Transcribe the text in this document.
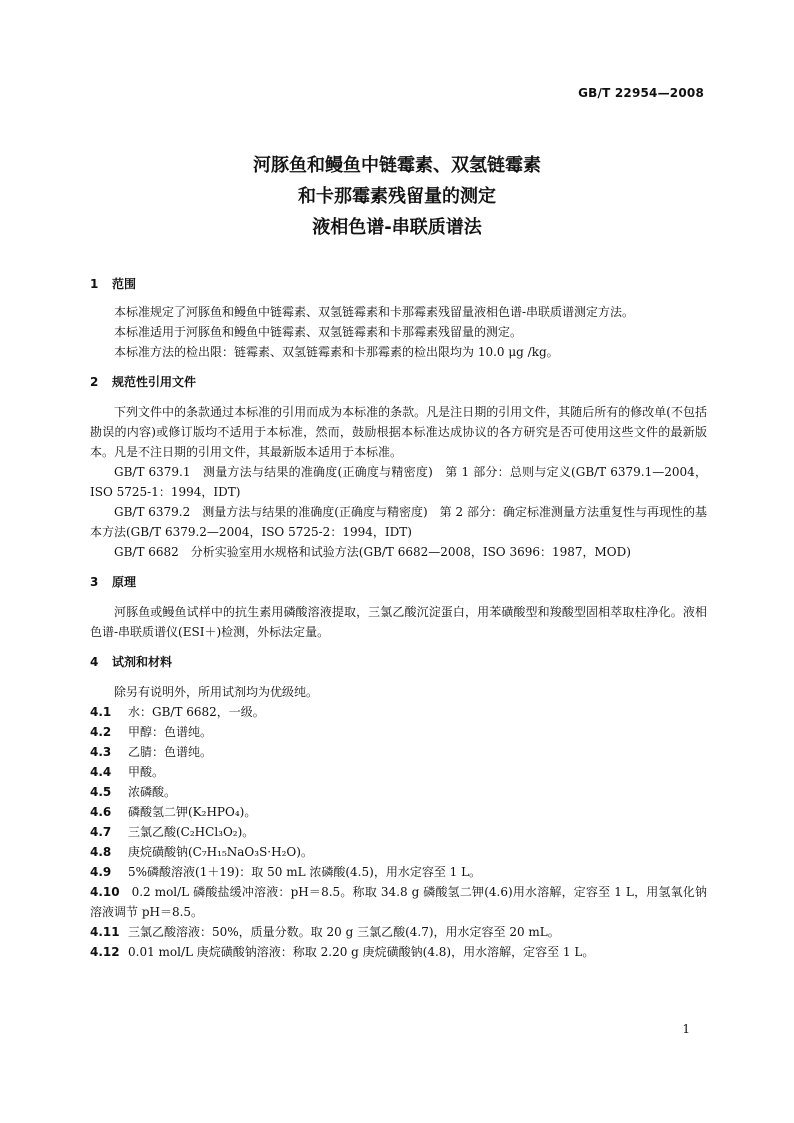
GB/T 22954—2008
河豚鱼和鳗鱼中链霉素、双氢链霉素
和卡那霉素残留量的测定
液相色谱-串联质谱法
1 范围

本标准规定了河豚鱼和鳗鱼中链霉素、双氢链霉素和卡那霉素残留量液相色谱-串联质谱测定方法。

本标准适用于河豚鱼和鳗鱼中链霉素、双氢链霉素和卡那霉素残留量的测定。

本标准方法的检出限：链霉素、双氢链霉素和卡那霉素的检出限均为 10.0 μg /kg。

2 规范性引用文件

下列文件中的条款通过本标准的引用而成为本标准的条款。凡是注日期的引用文件，其随后所有的修改单(不包括勘误的内容)或修订版均不适用于本标准，然而，鼓励根据本标准达成协议的各方研究是否可使用这些文件的最新版本。凡是不注日期的引用文件，其最新版本适用于本标准。

GB/T 6379.1　测量方法与结果的准确度(正确度与精密度)　第 1 部分：总则与定义(GB/T 6379.1—2004，ISO 5725-1：1994，IDT)

GB/T 6379.2　测量方法与结果的准确度(正确度与精密度)　第 2 部分：确定标准测量方法重复性与再现性的基本方法(GB/T 6379.2—2004，ISO 5725-2：1994，IDT)

GB/T 6682　分析实验室用水规格和试验方法(GB/T 6682—2008，ISO 3696：1987，MOD)

3 原理

河豚鱼或鳗鱼试样中的抗生素用磷酸溶液提取，三氯乙酸沉淀蛋白，用苯磺酸型和羧酸型固相萃取柱净化。液相色谱-串联质谱仪(ESI＋)检测，外标法定量。

4 试剂和材料

除另有说明外，所用试剂均为优级纯。

4.1 水：GB/T 6682，一级。
4.2 甲醇：色谱纯。
4.3 乙腈：色谱纯。
4.4 甲酸。
4.5 浓磷酸。
4.6 磷酸氢二钾(K₂HPO₄)。
4.7 三氯乙酸(C₂HCl₃O₂)。
4.8 庚烷磺酸钠(C₇H₁₅NaO₃S·H₂O)。
4.9 5%磷酸溶液(1＋19)：取 50 mL 浓磷酸(4.5)，用水定容至 1 L。
4.10 0.2 mol/L 磷酸盐缓冲溶液：pH＝8.5。称取 34.8 g 磷酸氢二钾(4.6)用水溶解，定容至 1 L，用氢氧化钠溶液调节 pH＝8.5。
4.11 三氯乙酸溶液：50%，质量分数。取 20 g 三氯乙酸(4.7)，用水定容至 20 mL。
4.12 0.01 mol/L 庚烷磺酸钠溶液：称取 2.20 g 庚烷磺酸钠(4.8)，用水溶解，定容至 1 L。
1
